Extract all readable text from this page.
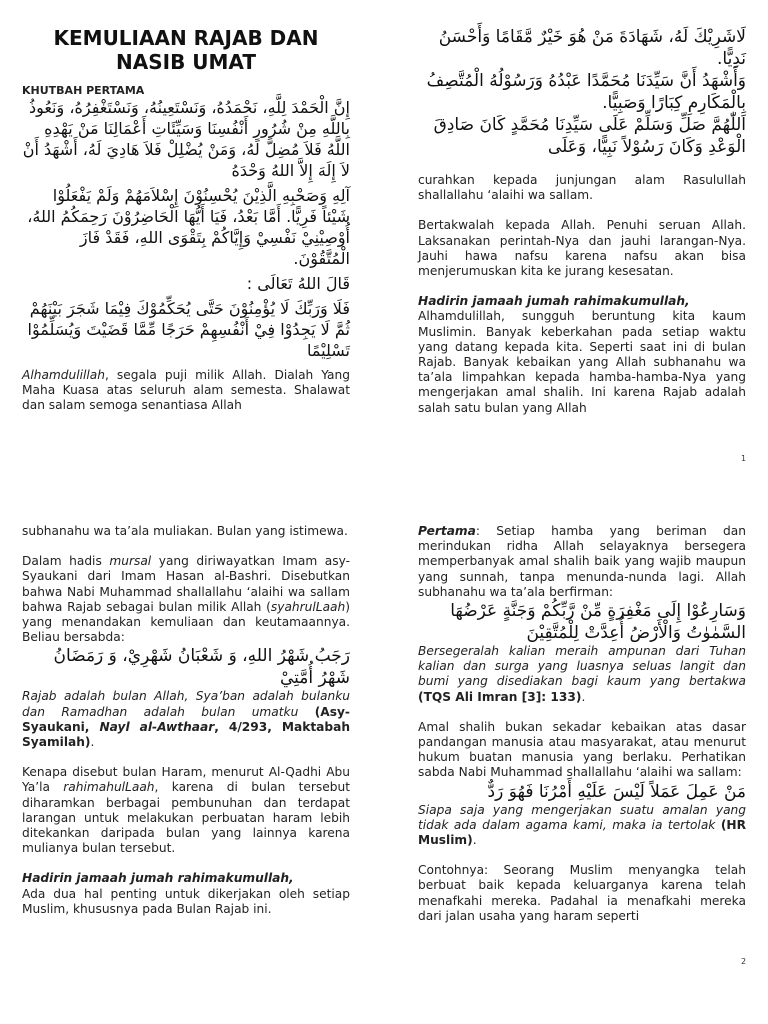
KEMULIAAN RAJAB DAN NASIB UMAT

KHUTBAH PERTAMA

إِنَّ الْحَمْدَ لِلَّهِ، نَحْمَدُهُ، وَنَسْتَعِينُهُ، وَنَسْتَغْفِرُهُ، وَنَعُوذُ بِاللَّهِ مِنْ شُرُورِ أَنْفُسِنَا وَسَيِّئَاتِ أَعْمَالِنَا مَنْ يَهْدِهِ اللَّهُ فَلاَ مُضِلَّ لَهُ، وَمَنْ يُضْلِلْ فَلاَ هَادِيَ لَهُ، أَشْهَدُ أَنْ لاَ إِلَهَ إِلاَّ اللهُ وَحْدَهُ

آلِهِ وَصَحْبِهِ الَّذِيْنَ يُحْسِنُوْنَ إِسْلاَمَهُمْ وَلَمْ يَفْعَلُوْا شَيْئاً فَرِيًّا. أَمَّا بَعْدُ، فَيَا أَيُّهَا الْحَاضِرُوْنَ رَحِمَكُمُ اللهُ، أُوْصِيْنِيْ نَفْسِيْ وَإِيَّاكُمْ بِتَقْوَى اللهِ، فَقَدْ فَازَ الْمُتَّقُوْنَ.

قَالَ اللهُ تَعَالَى :

فَلَا وَرَبِّكَ لَا يُؤْمِنُوْنَ حَتَّى يُحَكِّمُوْكَ فِيْمَا شَجَرَ بَيْنَهُمْ ثُمَّ لَا يَجِدُوْا فِيْ أَنْفُسِهِمْ حَرَجًا مِّمَّا قَضَيْتَ وَيُسَلِّمُوْا تَسْلِيْمًا

Alhamdulillah, segala puji milik Allah. Dialah Yang Maha Kuasa atas seluruh alam semesta. Shalawat dan salam semoga senantiasa Allah

لَاشَرِيْكَ لَهُ، شَهَادَةَ مَنْ هُوَ خَيْرٌ مَّقَامًا وَأَحْسَنُ نَدِيًّا.

وَأَشْهَدُ أَنَّ سَيِّدَنَا مُحَمَّدًا عَبْدُهُ وَرَسُوْلُهُ الْمُتَّصِفُ بِالْمَكَارِمِ كِبَارًا وَصَبِيًّا.

اَللّٰهُمَّ صَلِّ وَسَلِّمْ عَلَى سَيِّدِنَا مُحَمَّدٍ كَانَ صَادِقَ الْوَعْدِ وَكَانَ رَسُوْلاً نَبِيًّا، وَعَلَى

curahkan kepada junjungan alam Rasulullah shallallahu ‘alaihi wa sallam.

Bertakwalah kepada Allah. Penuhi seruan Allah. Laksanakan perintah-Nya dan jauhi larangan-Nya. Jauhi hawa nafsu karena nafsu akan bisa menjerumuskan kita ke jurang kesesatan.

Hadirin jamaah jumah rahimakumullah,

Alhamdulillah, sungguh beruntung kita kaum Muslimin. Banyak keberkahan pada setiap waktu yang datang kepada kita. Seperti saat ini di bulan Rajab. Banyak kebaikan yang Allah subhanahu wa ta’ala limpahkan kepada hamba-hamba-Nya yang mengerjakan amal shalih. Ini karena Rajab adalah salah satu bulan yang Allah

1

subhanahu wa ta’ala muliakan. Bulan yang istimewa.

Dalam hadis mursal yang diriwayatkan Imam asy-Syaukani dari Imam Hasan al-Bashri. Disebutkan bahwa Nabi Muhammad shallallahu ‘alaihi wa sallam bahwa Rajab sebagai bulan milik Allah (syahrulLaah) yang menandakan kemuliaan dan keutamaannya. Beliau bersabda:

رَجَبُ شَهْرُ اللهِ، وَ شَعْبَانُ شَهْرِيْ، وَ رَمَضَانُ شَهْرُ أُمَّتِيْ

Rajab adalah bulan Allah, Sya’ban adalah bulanku dan Ramadhan adalah bulan umatku (Asy-Syaukani, Nayl al-Awthaar, 4/293, Maktabah Syamilah).

Kenapa disebut bulan Haram, menurut Al-Qadhi Abu Ya’la rahimahulLaah, karena di bulan tersebut diharamkan berbagai pembunuhan dan terdapat larangan untuk melakukan perbuatan haram lebih ditekankan daripada bulan yang lainnya karena mulianya bulan tersebut.

Hadirin jamaah jumah rahimakumullah,

Ada dua hal penting untuk dikerjakan oleh setiap Muslim, khususnya pada Bulan Rajab ini.

Pertama: Setiap hamba yang beriman dan merindukan ridha Allah selayaknya bersegera memperbanyak amal shalih baik yang wajib maupun yang sunnah, tanpa menunda-nunda lagi. Allah subhanahu wa ta’ala berfirman:

وَسَارِعُوْا إِلَى مَغْفِرَةٍ مِّنْ رَّبِّكُمْ وَجَنَّةٍ عَرْضُهَا السَّمٰوٰتُ وَالْأَرْضُ أُعِدَّتْ لِلْمُتَّقِيْنَ

Bersegeralah kalian meraih ampunan dari Tuhan kalian dan surga yang luasnya seluas langit dan bumi yang disediakan bagi kaum yang bertakwa (TQS Ali Imran [3]: 133).

Amal shalih bukan sekadar kebaikan atas dasar pandangan manusia atau masyarakat, atau menurut hukum buatan manusia yang berlaku. Perhatikan sabda Nabi Muhammad shallallahu ‘alaihi wa sallam:

مَنْ عَمِلَ عَمَلاً لَيْسَ عَلَيْهِ أَمْرُنَا فَهُوَ رَدٌّ

Siapa saja yang mengerjakan suatu amalan yang tidak ada dalam agama kami, maka ia tertolak (HR Muslim).

Contohnya: Seorang Muslim menyangka telah berbuat baik kepada keluarganya karena telah menafkahi mereka. Padahal ia menafkahi mereka dari jalan usaha yang haram seperti

2
